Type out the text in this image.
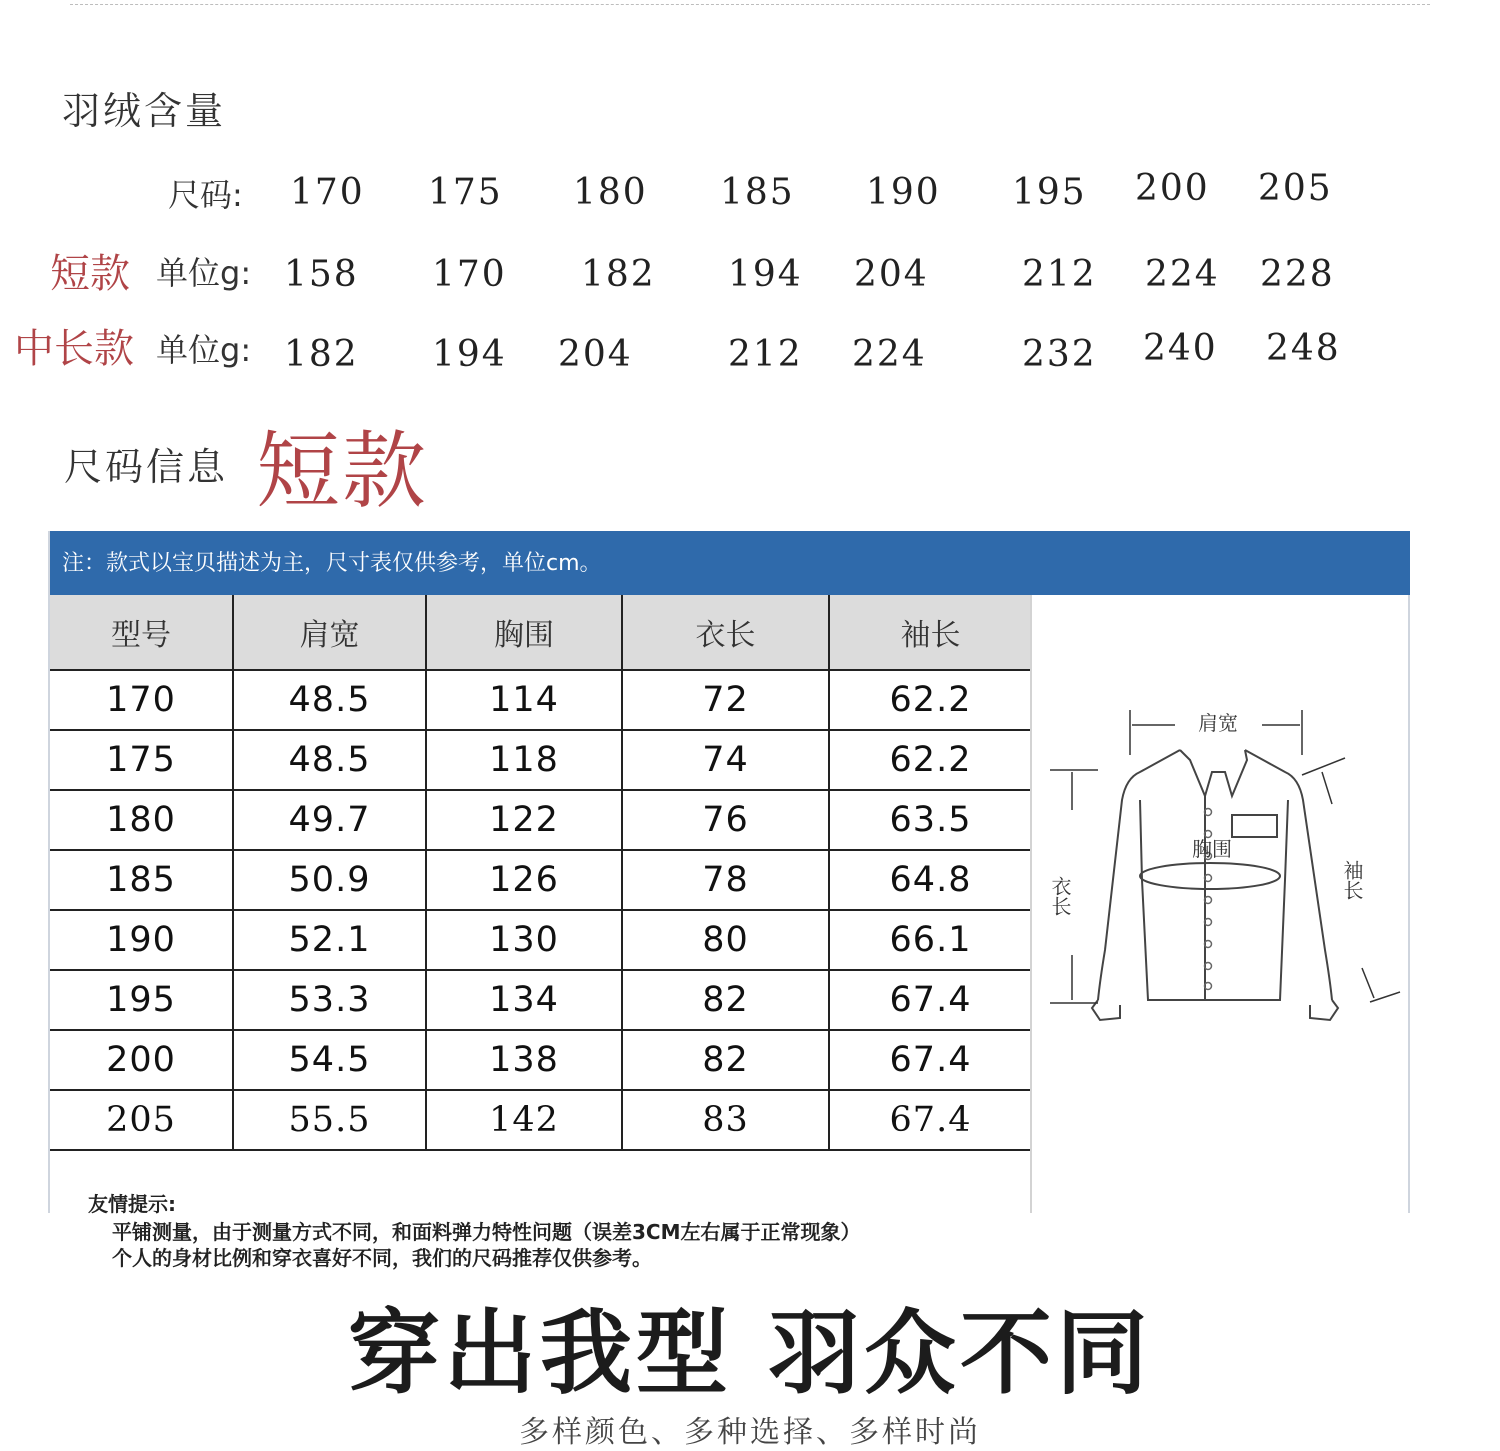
羽绒含量
尺码: 170 175 180 185 190 195 200 205
短款 单位g: 158 170 182 194 204	212 224 228
中长款 单位g: 182 194 204	212 224	232 240 248
尺码信息 短款
注：款式以宝贝描述为主，尺寸表仅供参考，单位cm。
型号	肩宽	胸围	衣长	袖长
170	48.5	114	72	62.2
175	48.5	118	74	62.2
180	49.7	122	76	63.5
185	50.9	126	78	64.8
190	52.1	130	80	66.1
195	53.3	134	82	67.4
200	54.5	138	82	67.4
205	55.5	142	83	67.4
肩宽
胸围
衣长	袖长
友情提示:
平铺测量，由于测量方式不同，和面料弹力特性问题（误差3CM左右属于正常现象）
个人的身材比例和穿衣喜好不同，我们的尺码推荐仅供参考。
穿出我型 羽众不同
多样颜色、多种选择、多样时尚
